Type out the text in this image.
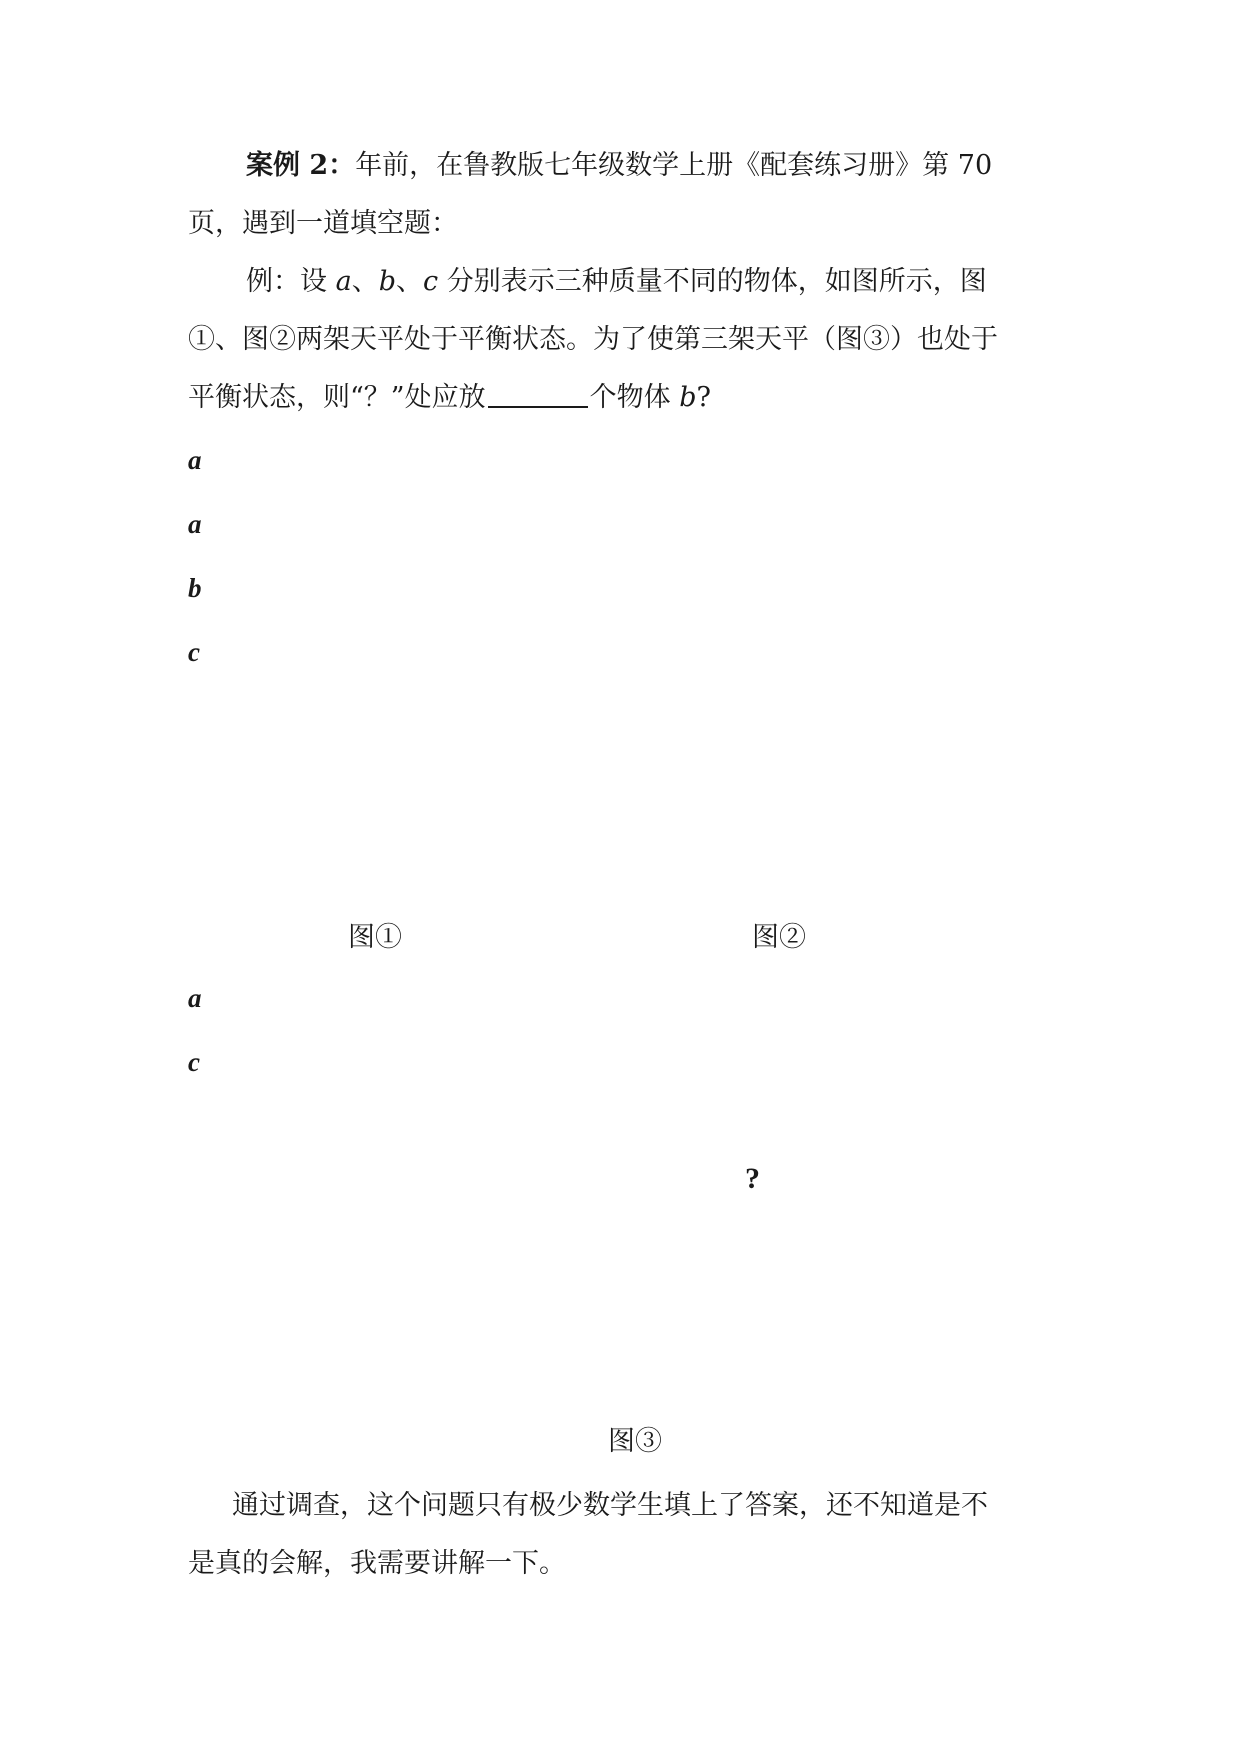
案例 2：年前，在鲁教版七年级数学上册《配套练习册》第 70
页，遇到一道填空题：
例：设 a、b、c 分别表示三种质量不同的物体，如图所示，图
①、图②两架天平处于平衡状态。为了使第三架天平（图③）也处于
平衡状态，则“？”处应放	个物体 b?
a
a
b
c
图①	图②
a
c
?
图③
通过调查，这个问题只有极少数学生填上了答案，还不知道是不
是真的会解，我需要讲解一下。
